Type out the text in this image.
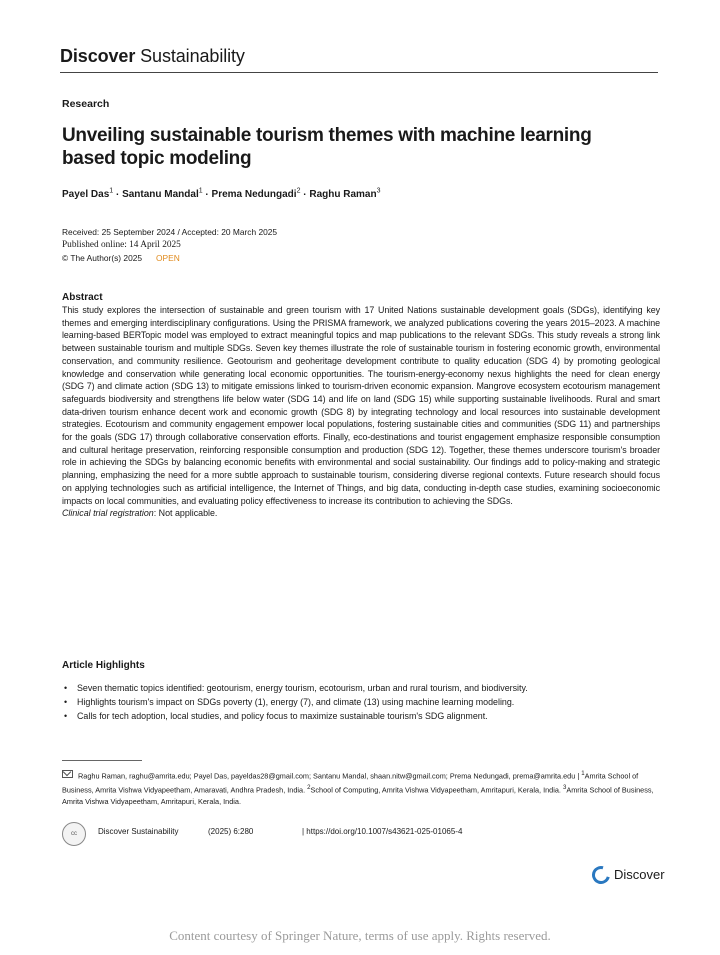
Discover Sustainability
Research
Unveiling sustainable tourism themes with machine learning based topic modeling
Payel Das$^1$ · Santanu Mandal$^1$ · Prema Nedungadi$^2$ · Raghu Raman$^3$
Received: 25 September 2024 / Accepted: 20 March 2025
Published online: 14 April 2025
© The Author(s) 2025 OPEN
Abstract
This study explores the intersection of sustainable and green tourism with 17 United Nations sustainable development goals (SDGs), identifying key themes and emerging interdisciplinary configurations. Using the PRISMA framework, we analyzed publications covering the years 2015–2023. A machine learning-based BERTopic model was employed to extract meaningful topics and map publications to the relevant SDGs. This study reveals a strong link between sustainable tourism and multiple SDGs. Seven key themes illustrate the role of sustainable tourism in fostering economic growth, environmental conservation, and community resilience. Geotourism and geoheritage development contribute to quality education (SDG 4) by promoting geological knowledge and conservation while generating local economic opportunities. The tourism-energy-economy nexus highlights the need for clean energy (SDG 7) and climate action (SDG 13) to mitigate emissions linked to tourism-driven economic expansion. Mangrove ecosystem ecotourism management safeguards biodiversity and strengthens life below water (SDG 14) and life on land (SDG 15) while supporting sustainable livelihoods. Rural and smart data-driven tourism enhance decent work and economic growth (SDG 8) by integrating technology and local resources into sustainable development strategies. Ecotourism and community engagement empower local populations, fostering sustainable cities and communities (SDG 11) and partnerships for the goals (SDG 17) through collaborative conservation efforts. Finally, eco-destinations and tourist engagement emphasize responsible consumption and cultural heritage preservation, reinforcing responsible consumption and production (SDG 12). Together, these themes underscore tourism's broader role in achieving the SDGs by balancing economic benefits with environmental and social sustainability. Our findings add to policy-making and strategic planning, emphasizing the need for a more subtle approach to sustainable tourism, considering diverse regional contexts. Future research should focus on applying technologies such as artificial intelligence, the Internet of Things, and big data, conducting in-depth case studies, examining socioeconomic impacts on local communities, and evaluating policy effectiveness to increase its contribution to achieving the SDGs.
Clinical trial registration: Not applicable.
Article Highlights
• Seven thematic topics identified: geotourism, energy tourism, ecotourism, urban and rural tourism, and biodiversity.
• Highlights tourism's impact on SDGs poverty (1), energy (7), and climate (13) using machine learning modeling.
• Calls for tech adoption, local studies, and policy focus to maximize sustainable tourism's SDG alignment.
Raghu Raman, raghu@amrita.edu; Payel Das, payeldas28@gmail.com; Santanu Mandal, shaan.nitw@gmail.com; Prema Nedungadi, prema@amrita.edu | $^1$Amrita School of Business, Amrita Vishwa Vidyapeetham, Amaravati, Andhra Pradesh, India. $^2$School of Computing, Amrita Vishwa Vidyapeetham, Amritapuri, Kerala, India. $^3$Amrita School of Business, Amrita Vishwa Vidyapeetham, Amritapuri, Kerala, India.
cc	Discover Sustainability	(2025) 6:280	| https://doi.org/10.1007/s43621-025-01065-4
Discover
Content courtesy of Springer Nature, terms of use apply. Rights reserved.
